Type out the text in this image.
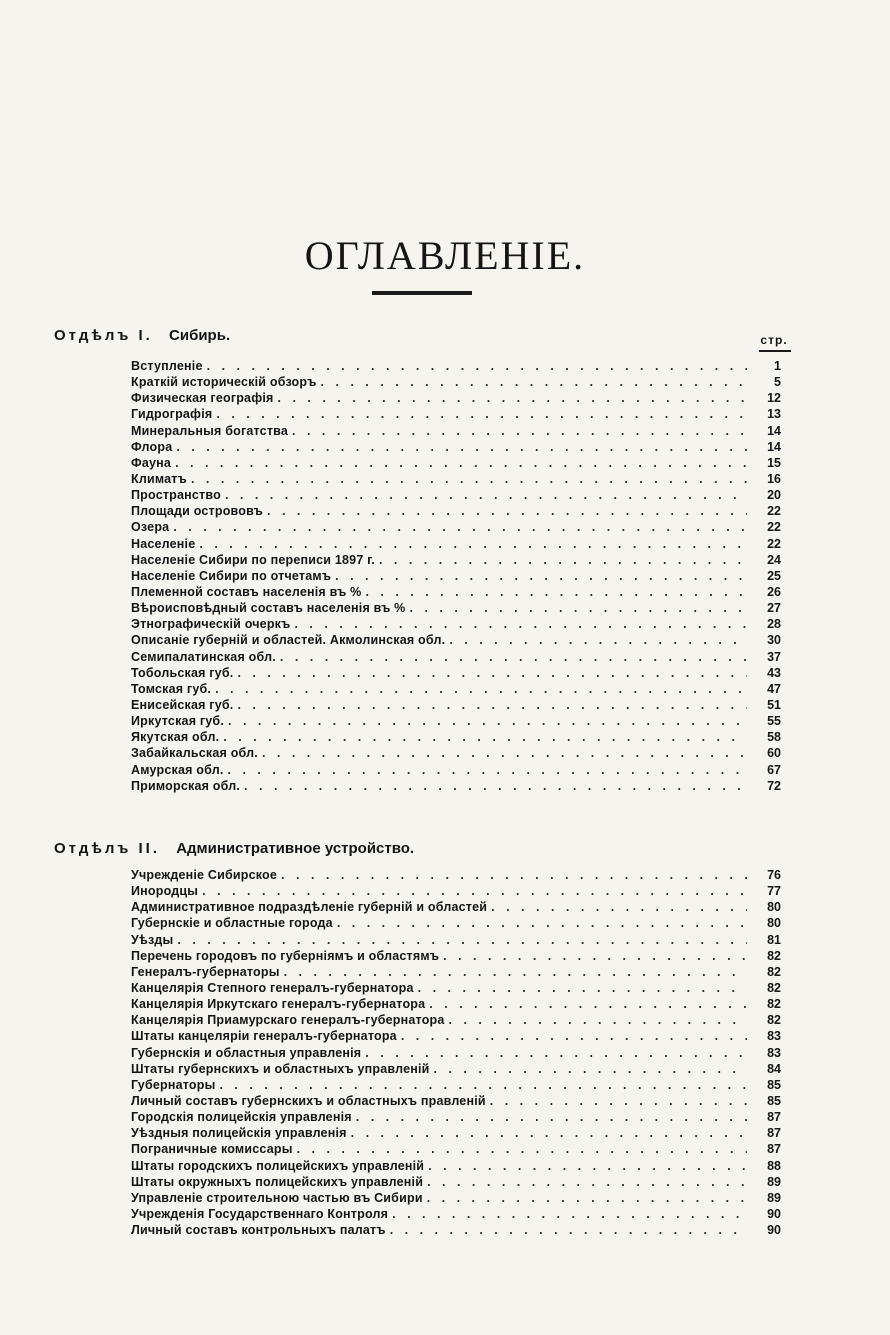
ОГЛАВЛЕНІЕ.
Отдѣлъ I. Сибирь.	стр.
Вступленіе . . .	1
Краткій историческій обзоръ . . .	5
Физическая географія . . .	12
Гидрографія . . .	13
Минеральныя богатства . . .	14
Флора . . .	14
Фауна . . .	15
Климатъ . . .	16
Пространство . . .	20
Площади острововъ . . .	22
Озера . . .	22
Населеніе . . .	22
Населеніе Сибири по переписи 1897 г. . . .	24
Населеніе Сибири по отчетамъ . . .	25
Племенной составъ населенія въ % . . .	26
Вѣроисповѣдный составъ населенія въ % . . .	27
Этнографическій очеркъ . . .	28
Описаніе губерній и областей. Акмолинская обл. . . .	30
Семипалатинская обл. . . .	37
Тобольская губ. . . .	43
Томская губ. . . .	47
Енисейская губ. . . .	51
Иркутская губ. . . .	55
Якутская обл. . . .	58
Забайкальская обл. . . .	60
Амурская обл. . . .	67
Приморская обл. . . .	72
Отдѣлъ II. Административное устройство.
Учрежденіе Сибирское . . .	76
Инородцы . . .	77
Административное подраздѣленіе губерній и областей . . .	80
Губернскіе и областные города . . .	80
Уѣзды . . .	81
Перечень городовъ по губерніямъ и областямъ . . .	82
Генералъ-губернаторы . . .	82
Канцелярія Степного генералъ-губернатора . . .	82
Канцелярія Иркутскаго генералъ-губернатора . . .	82
Канцелярія Приамурскаго генералъ-губернатора . . .	82
Штаты канцеляріи генералъ-губернатора . . .	83
Губернскія и областныя управленія . . .	83
Штаты губернскихъ и областныхъ управленій . . .	84
Губернаторы . . .	85
Личный составъ губернскихъ и областныхъ правленій . . .	85
Городскія полицейскія управленія . . .	87
Уѣздныя полицейскія управленія . . .	87
Пограничные комиссары . . .	87
Штаты городскихъ полицейскихъ управленій . . .	88
Штаты окружныхъ полицейскихъ управленій . . .	89
Управленіе строительною частью въ Сибири . . .	89
Учрежденія Государственнаго Контроля . . .	90
Личный составъ контрольныхъ палатъ . . .	90
